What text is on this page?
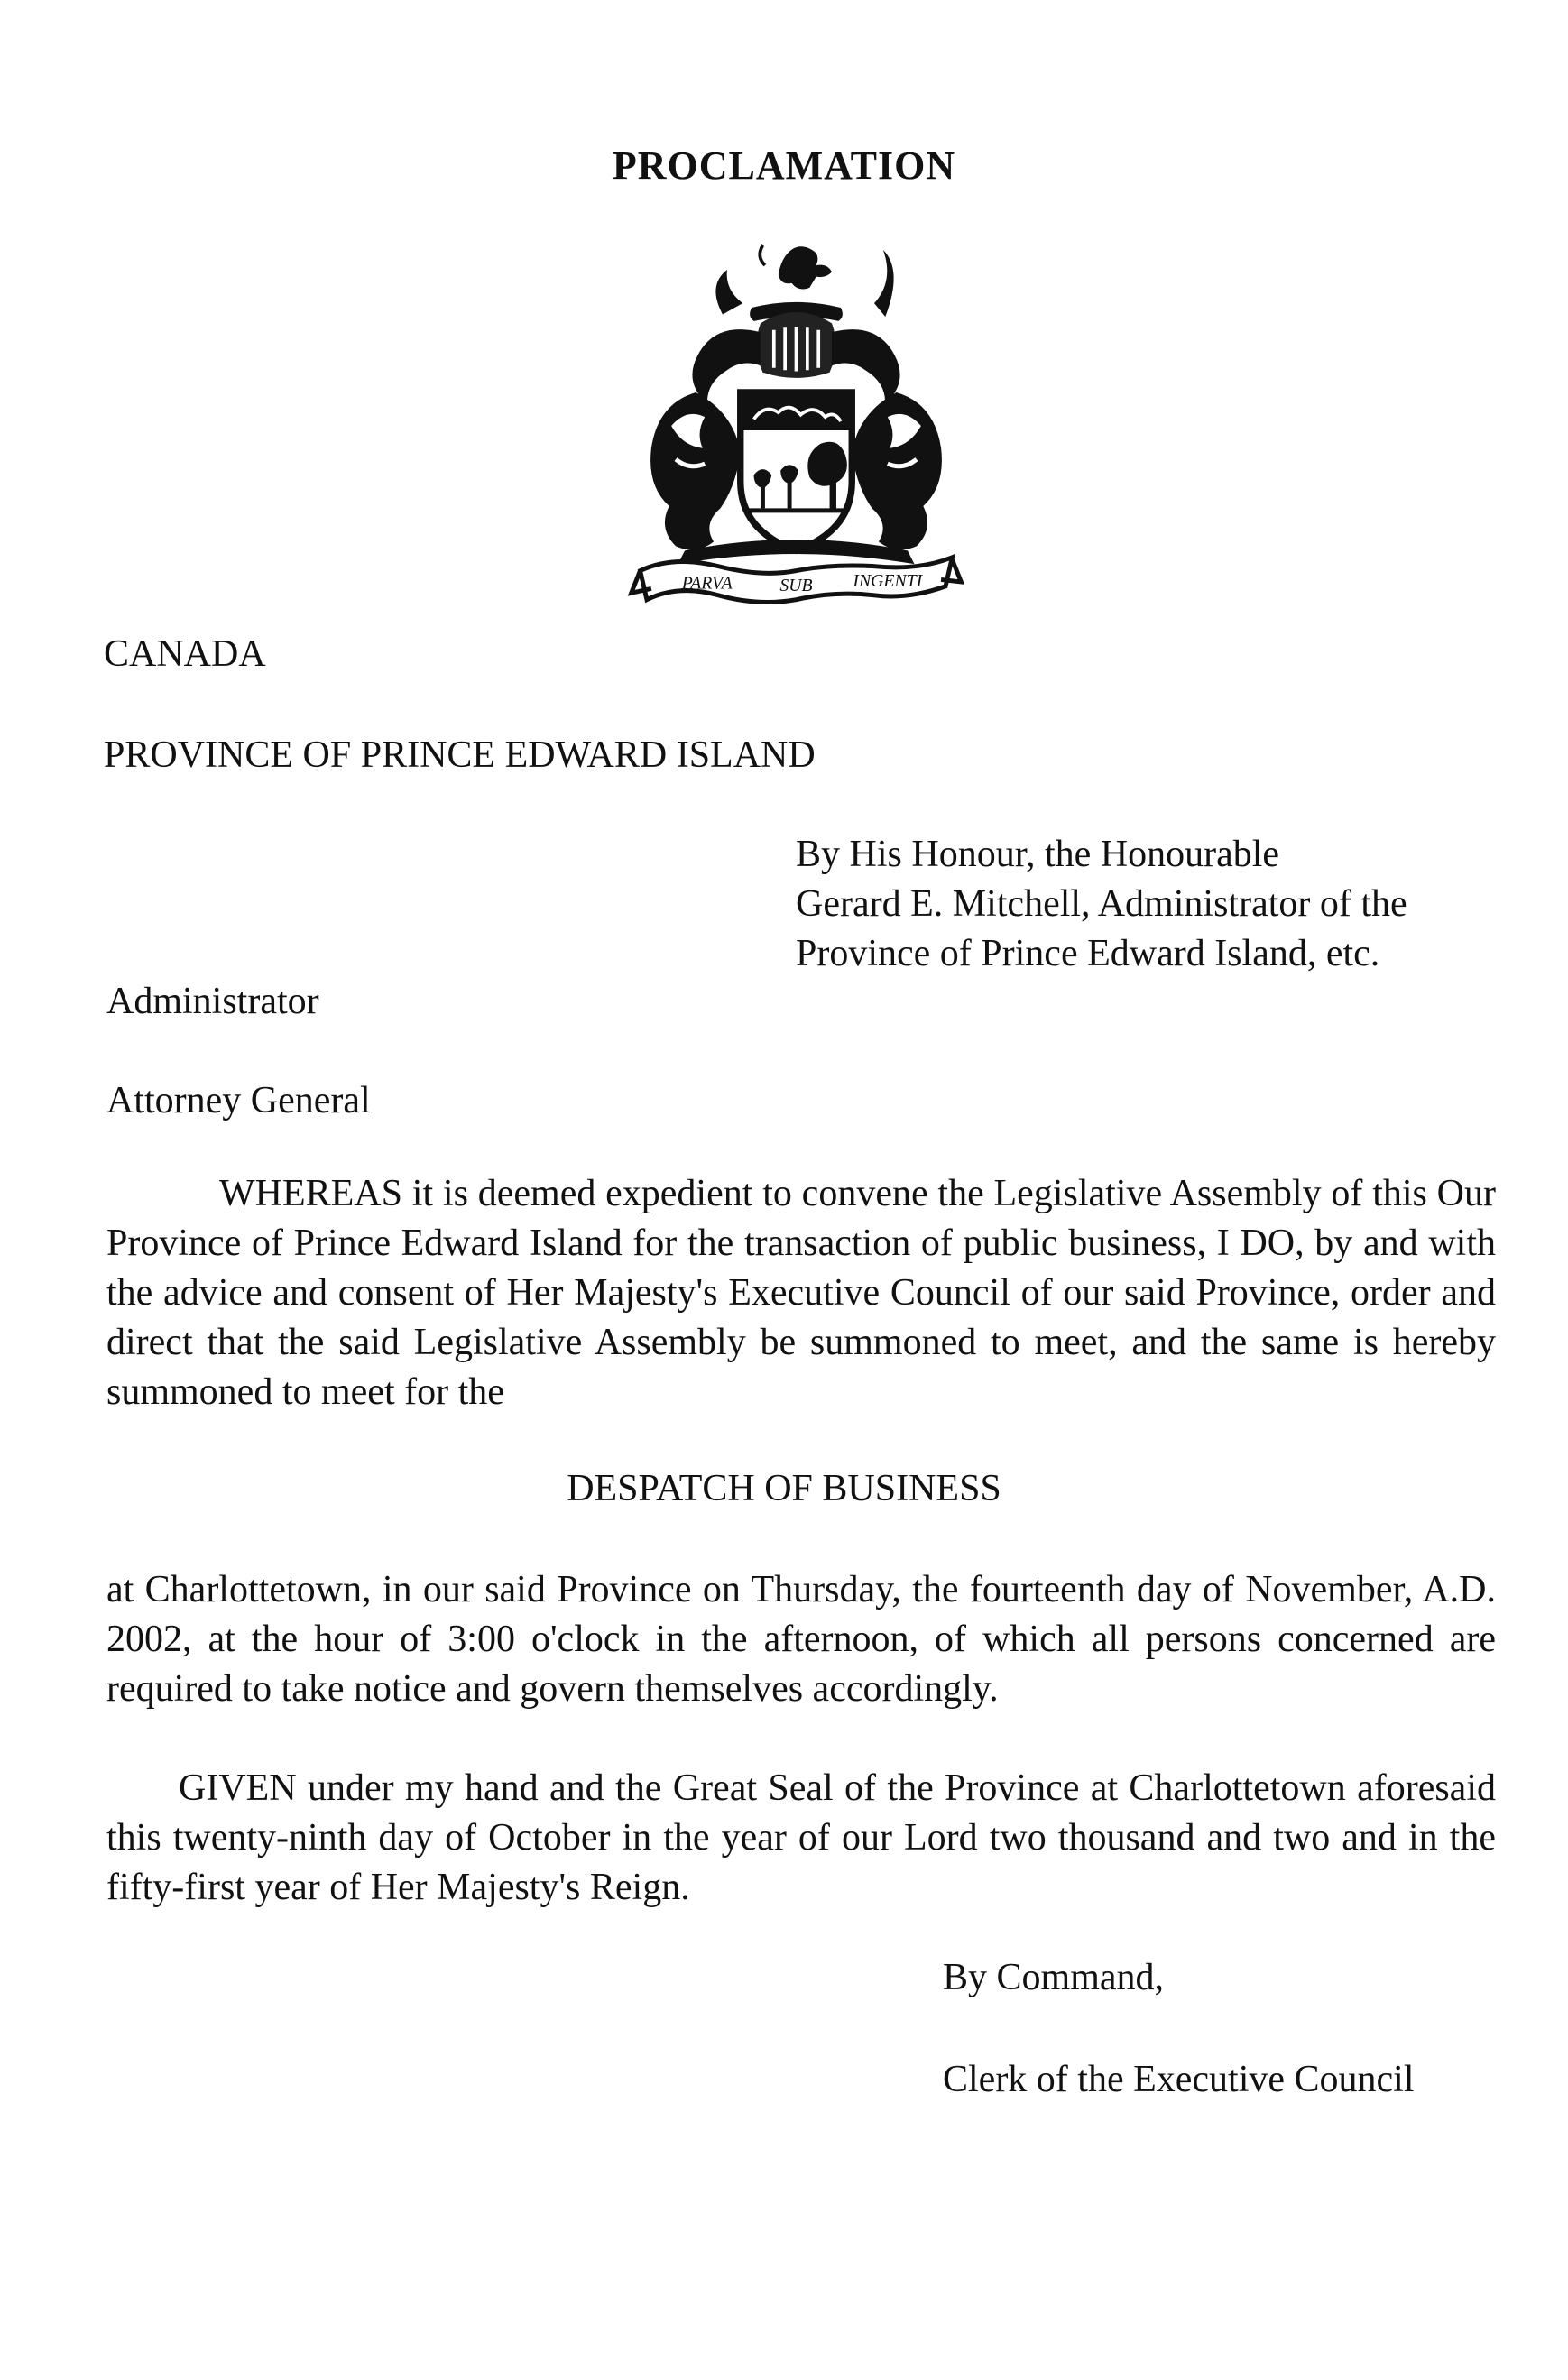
PROCLAMATION
PARVA	SUB	INGENTI
CANADA
PROVINCE OF PRINCE EDWARD ISLAND
By His Honour, the Honourable
Gerard E. Mitchell, Administrator of the
Province of Prince Edward Island, etc.
Administrator
Attorney General
WHEREAS it is deemed expedient to convene the Legislative Assembly of this Our Province of Prince Edward Island for the transaction of public business, I DO, by and with the advice and consent of Her Majesty's Executive Council of our said Province, order and direct that the said Legislative Assembly be summoned to meet, and the same is hereby summoned to meet for the
DESPATCH OF BUSINESS
at Charlottetown, in our said Province on Thursday, the fourteenth day of November, A.D. 2002, at the hour of 3:00 o'clock in the afternoon, of which all persons concerned are required to take notice and govern themselves accordingly.
GIVEN under my hand and the Great Seal of the Province at Charlottetown aforesaid this twenty-ninth day of October in the year of our Lord two thousand and two and in the fifty-first year of Her Majesty's Reign.
By Command,
Clerk of the Executive Council
